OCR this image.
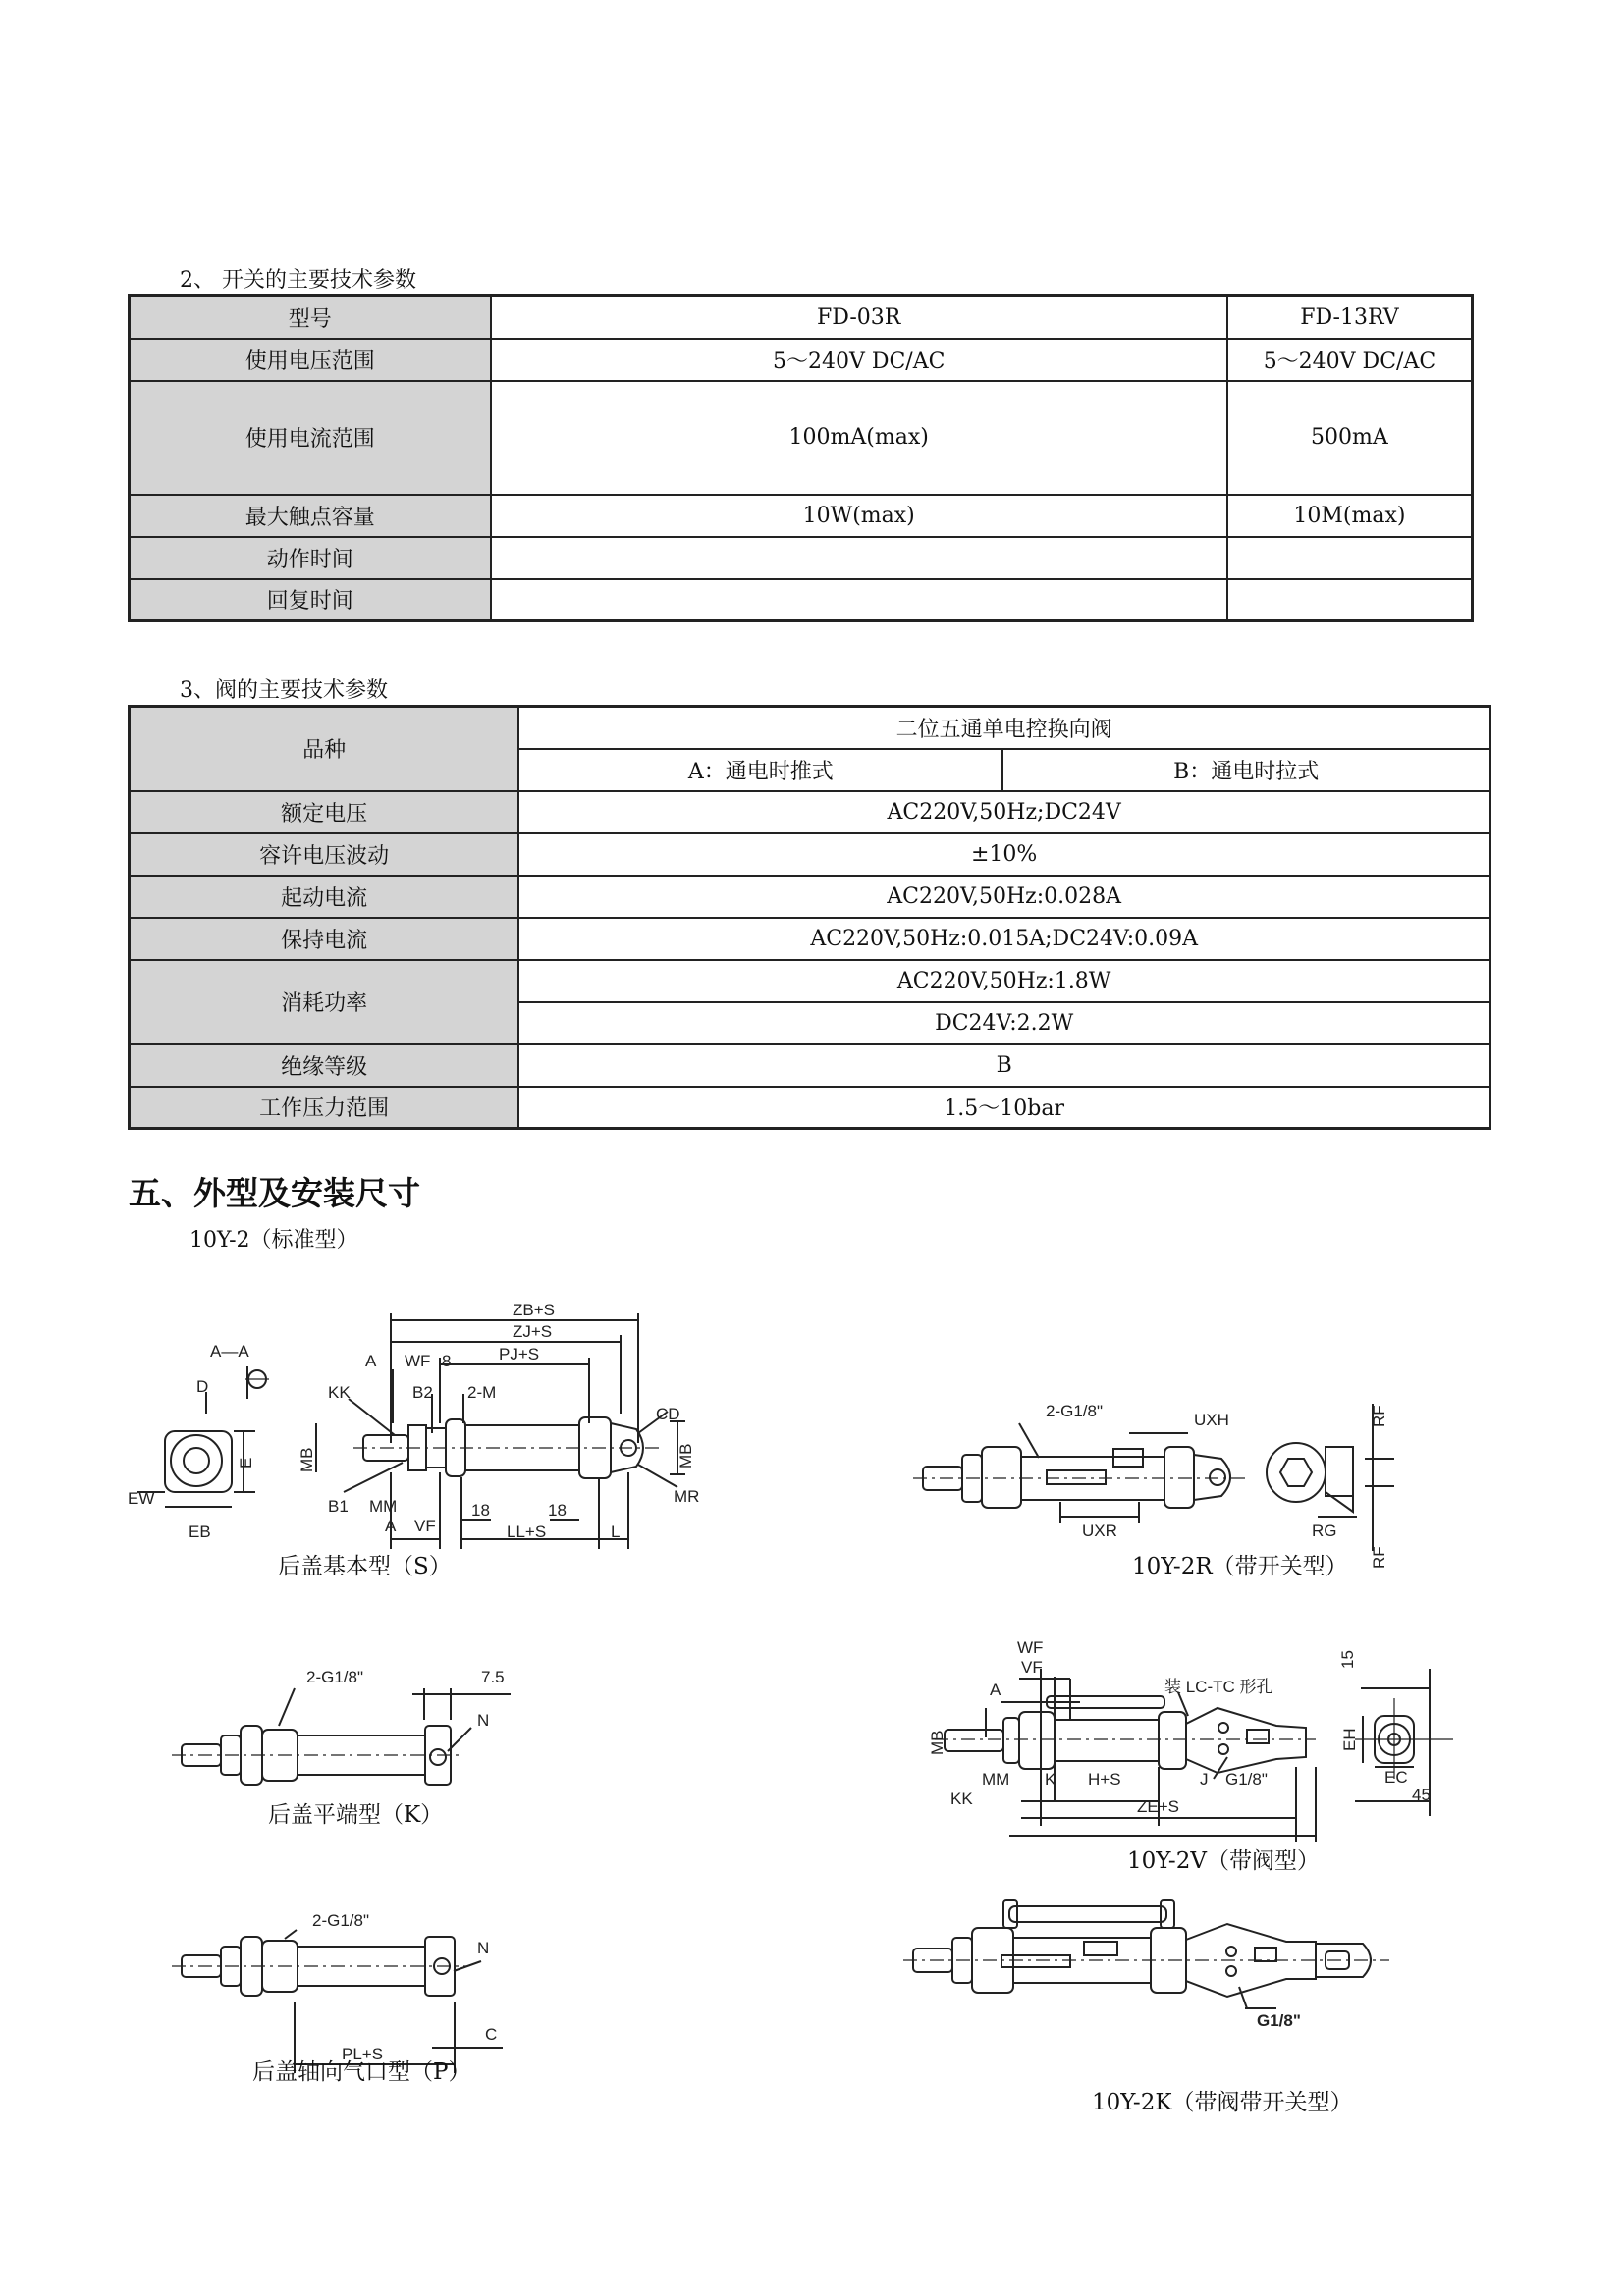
2、 开关的主要技术参数
型号	FD-03R	FD-13RV
使用电压范围	5～240V DC/AC	5～240V DC/AC
使用电流范围	100mA(max)	500mA
最大触点容量	10W(max)	10M(max)
动作时间		
回复时间		
3、阀的主要技术参数
品种	二位五通单电控换向阀	
	A：通电时推式	B：通电时拉式
额定电压	AC220V,50Hz;DC24V	
容许电压波动	±10%	
起动电流	AC220V,50Hz:0.028A	
保持电流	AC220V,50Hz:0.015A;DC24V:0.09A	
消耗功率	AC220V,50Hz:1.8W	
	DC24V:2.2W	
绝缘等级	B	
工作压力范围	1.5～10bar	
五、外型及安装尺寸
10Y-2（标准型）
ZB+S
ZJ+S
PJ+S
A—A
D
A WF 8
KK	B2 2-M
CD
E	MB	MB
EW	B1 MM
A VF
18	18
LL+S	L
MR
EB
2-G1/8"	UXH
UXR	RG
RF
RF
2-G1/8"	7.5
N
WF
VF
A
MB
MM
KK
K H+S	J G1/8"
ZE+S
装 LC-TC 形孔
15
EH
EC
45
2-G1/8"
N
PL+S
C
G1/8"
后盖基本型（S）	10Y-2R（带开关型）
后盖平端型（K）
10Y-2V（带阀型）
后盖轴向气口型（P）
10Y-2K（带阀带开关型）
